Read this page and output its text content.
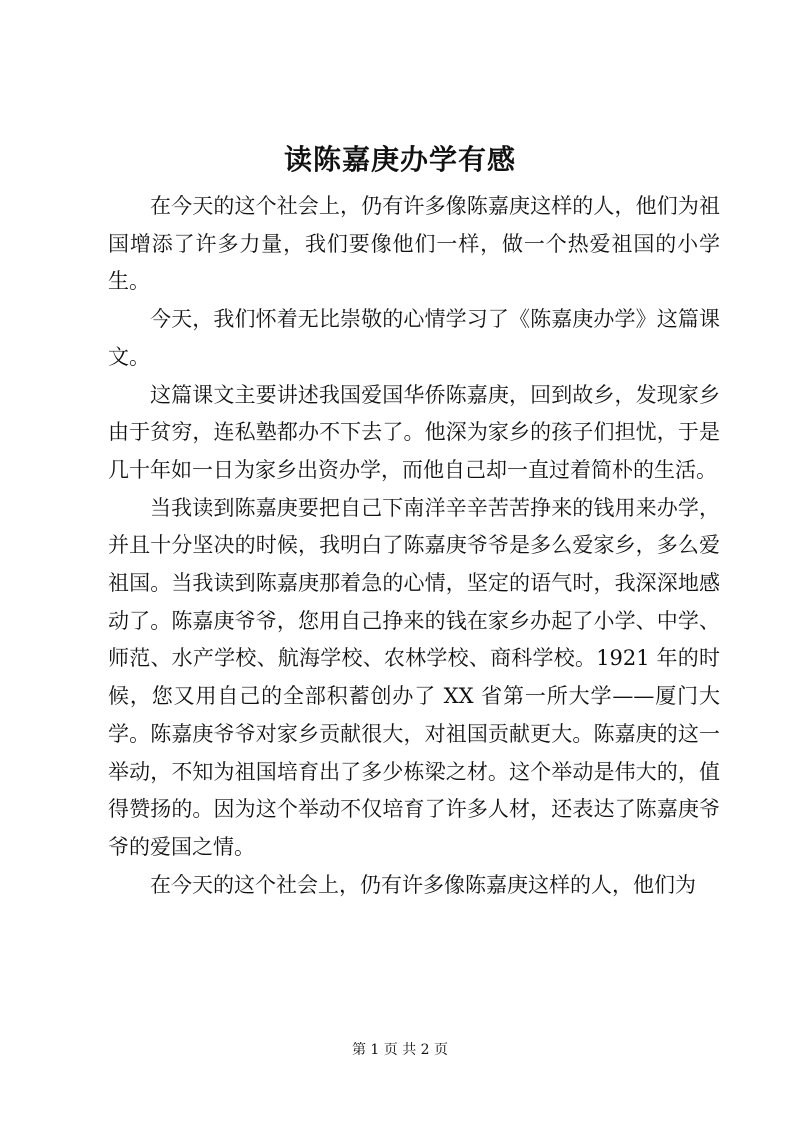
读陈嘉庚办学有感

在今天的这个社会上，仍有许多像陈嘉庚这样的人，他们为祖国增添了许多力量，我们要像他们一样，做一个热爱祖国的小学生。

今天，我们怀着无比崇敬的心情学习了《陈嘉庚办学》这篇课文。

这篇课文主要讲述我国爱国华侨陈嘉庚，回到故乡，发现家乡由于贫穷，连私塾都办不下去了。他深为家乡的孩子们担忧，于是几十年如一日为家乡出资办学，而他自己却一直过着简朴的生活。

当我读到陈嘉庚要把自己下南洋辛辛苦苦挣来的钱用来办学，并且十分坚决的时候，我明白了陈嘉庚爷爷是多么爱家乡，多么爱祖国。当我读到陈嘉庚那着急的心情，坚定的语气时，我深深地感动了。陈嘉庚爷爷，您用自己挣来的钱在家乡办起了小学、中学、师范、水产学校、航海学校、农林学校、商科学校。1921 年的时候，您又用自己的全部积蓄创办了 XX 省第一所大学——厦门大学。陈嘉庚爷爷对家乡贡献很大，对祖国贡献更大。陈嘉庚的这一举动，不知为祖国培育出了多少栋梁之材。这个举动是伟大的，值得赞扬的。因为这个举动不仅培育了许多人材，还表达了陈嘉庚爷爷的爱国之情。

在今天的这个社会上，仍有许多像陈嘉庚这样的人，他们为

第 1 页 共 2 页
